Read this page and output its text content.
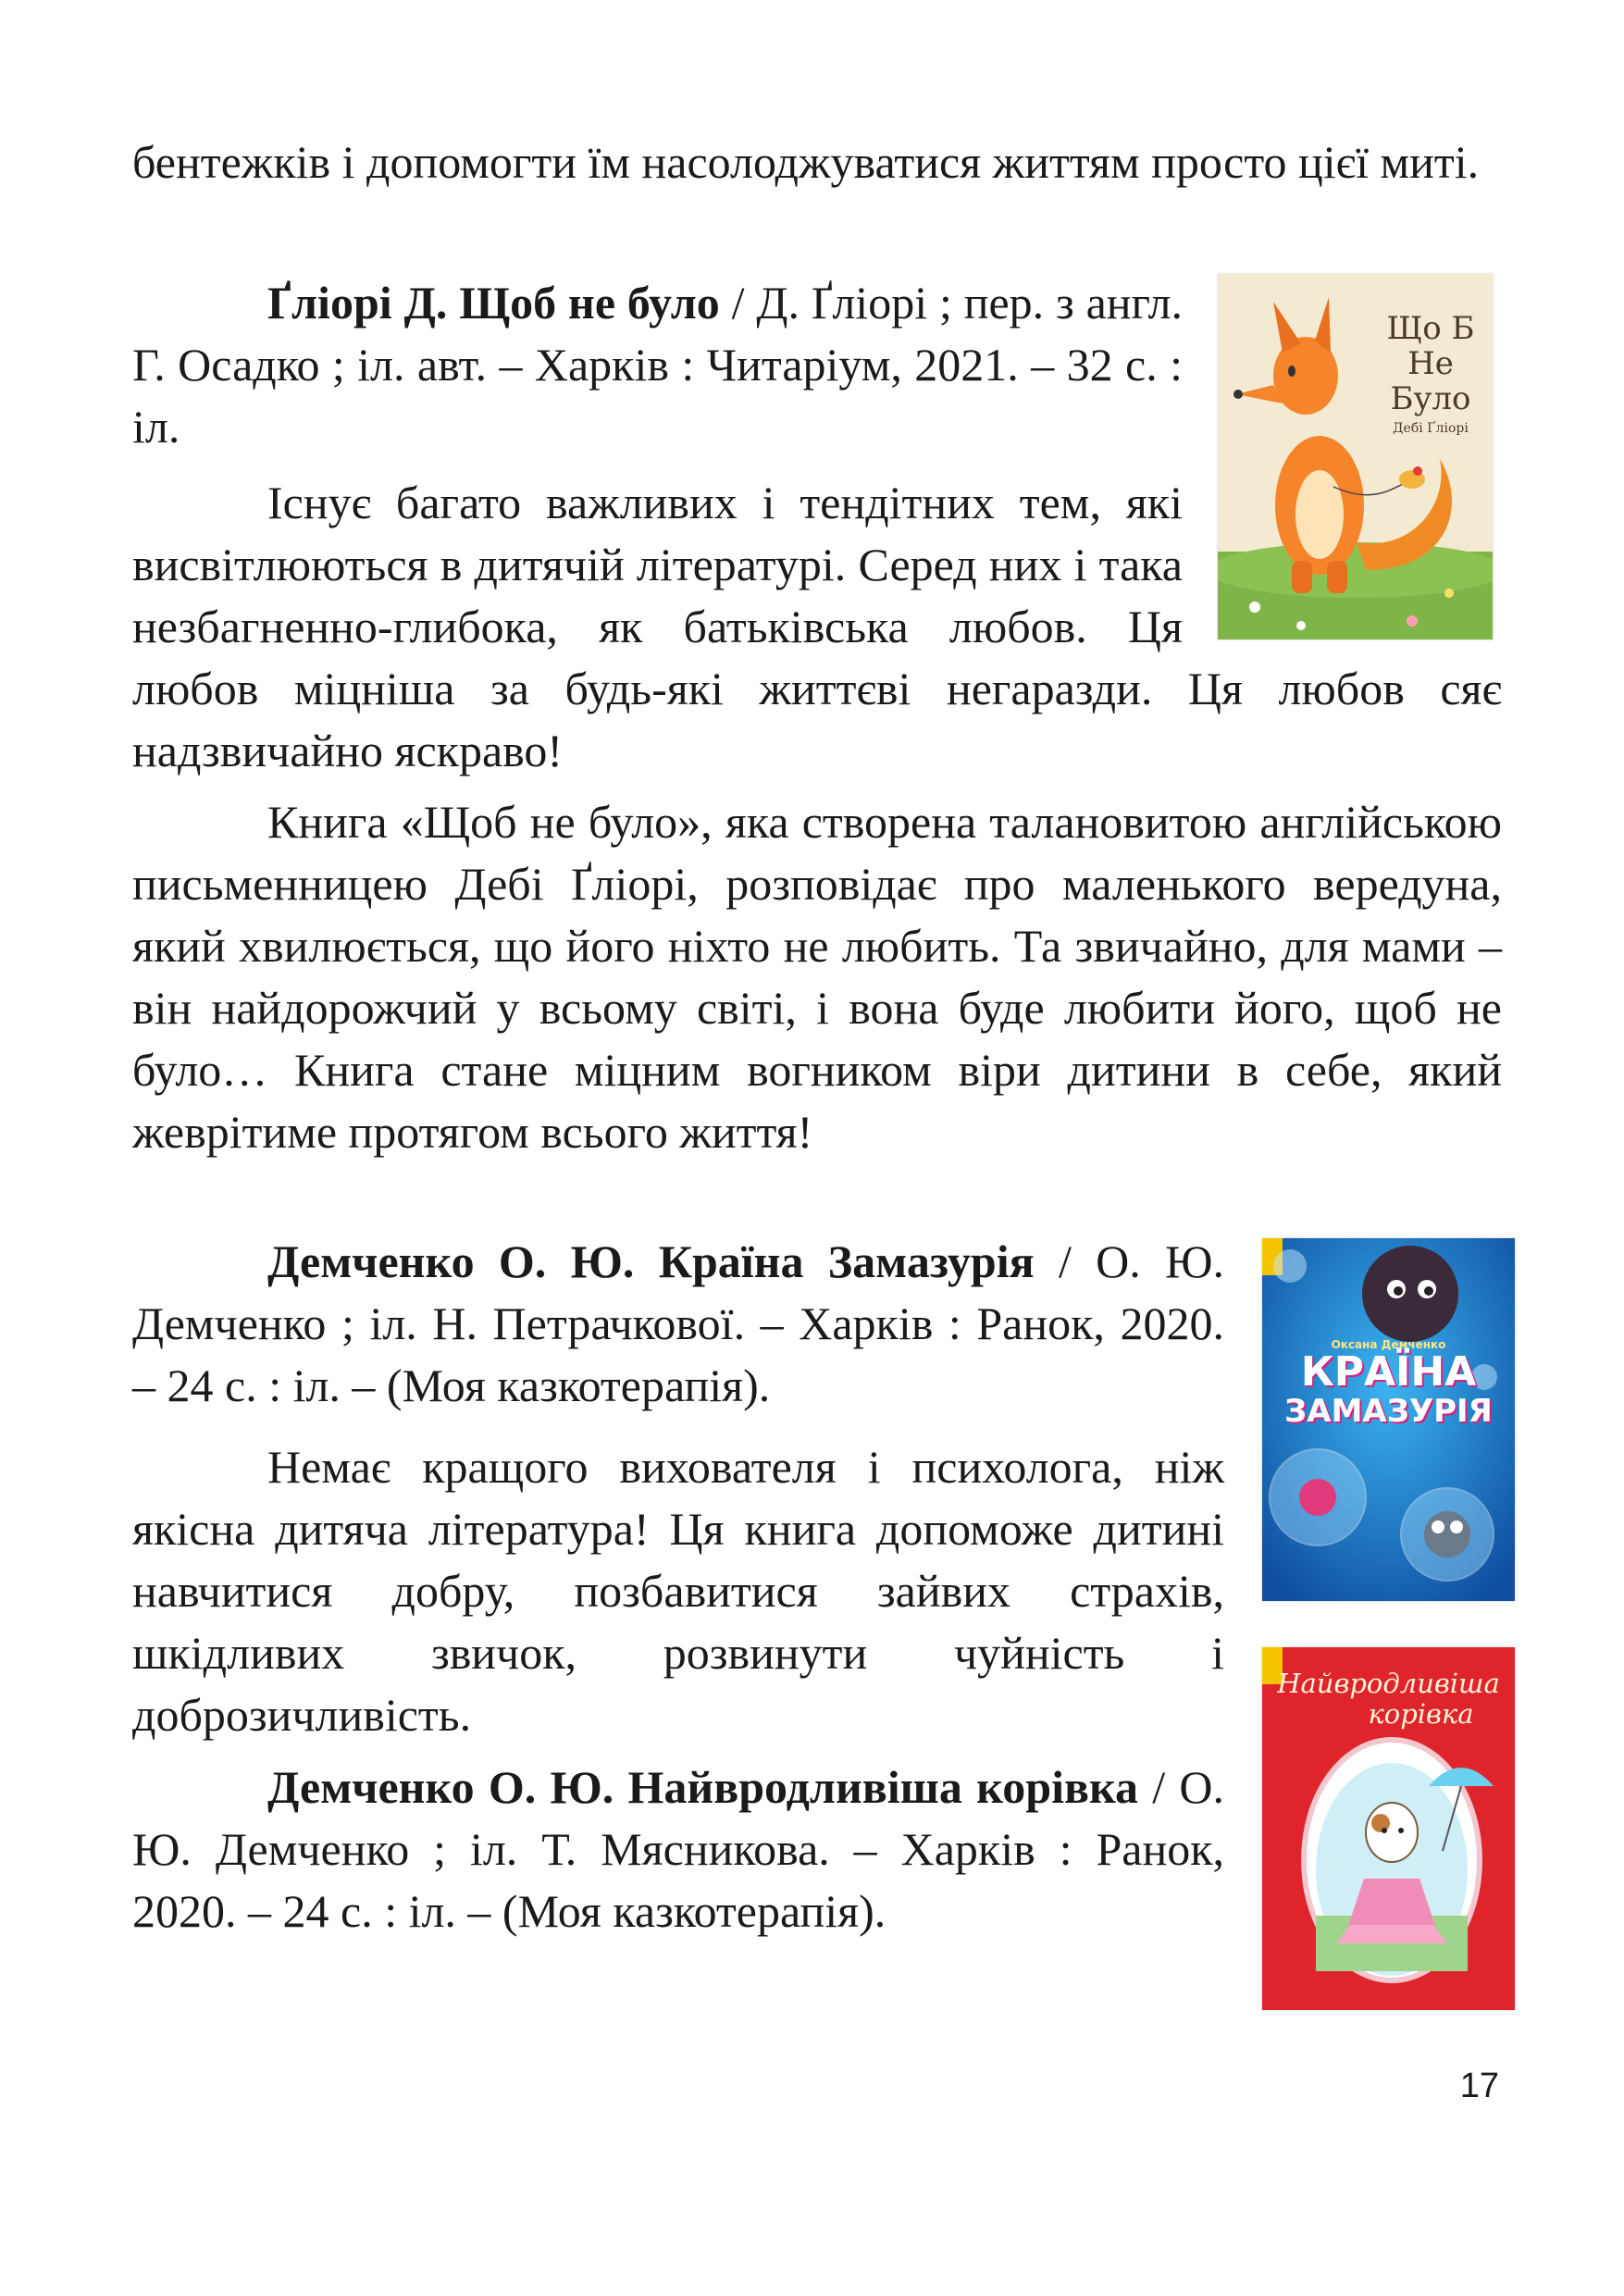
бентежків і допомогти їм насолоджуватися життям просто цієї миті.

Ґліорі Д. Щоб не було / Д. Ґліорі ; пер. з англ. Г. Осадко ; іл. авт. – Харків : Читаріум, 2021. – 32 с. : іл.

Існує багато важливих і тендітних тем, які висвітлюються в дитячій літературі. Серед них і така незбагненно-глибока, як батьківська любов. Ця любов міцніша за будь-які життєві негаразди. Ця любов сяє надзвичайно яскраво!

Книга «Щоб не було», яка створена талановитою англійською письменницею Дебі Ґліорі, розповідає про маленького вередуна, який хвилюється, що його ніхто не любить. Та звичайно, для мами – він найдорожчий у всьому світі, і вона буде любити його, щоб не було… Книга стане міцним вогником віри дитини в себе, який жеврітиме протягом всього життя!

Демченко О. Ю. Країна Замазурія / О. Ю. Демченко ; іл. Н. Петрачкової. – Харків : Ранок, 2020. – 24 с. : іл. – (Моя казкотерапія).

Немає кращого вихователя і психолога, ніж якісна дитяча література! Ця книга допоможе дитині навчитися добру, позбавитися зайвих страхів, шкідливих звичок, розвинути чуйність і доброзичливість.

Демченко О. Ю. Найвродливіша корівка / О. Ю. Демченко ; іл. Т. Мясникова. – Харків : Ранок, 2020. – 24 с. : іл. – (Моя казкотерапія).

Що Б
Не Було
Дебі Ґліорі
Оксана Демченко
КРАЇНА
ЗАМАЗУРІЯ
Найвродливіша
корівка
17
